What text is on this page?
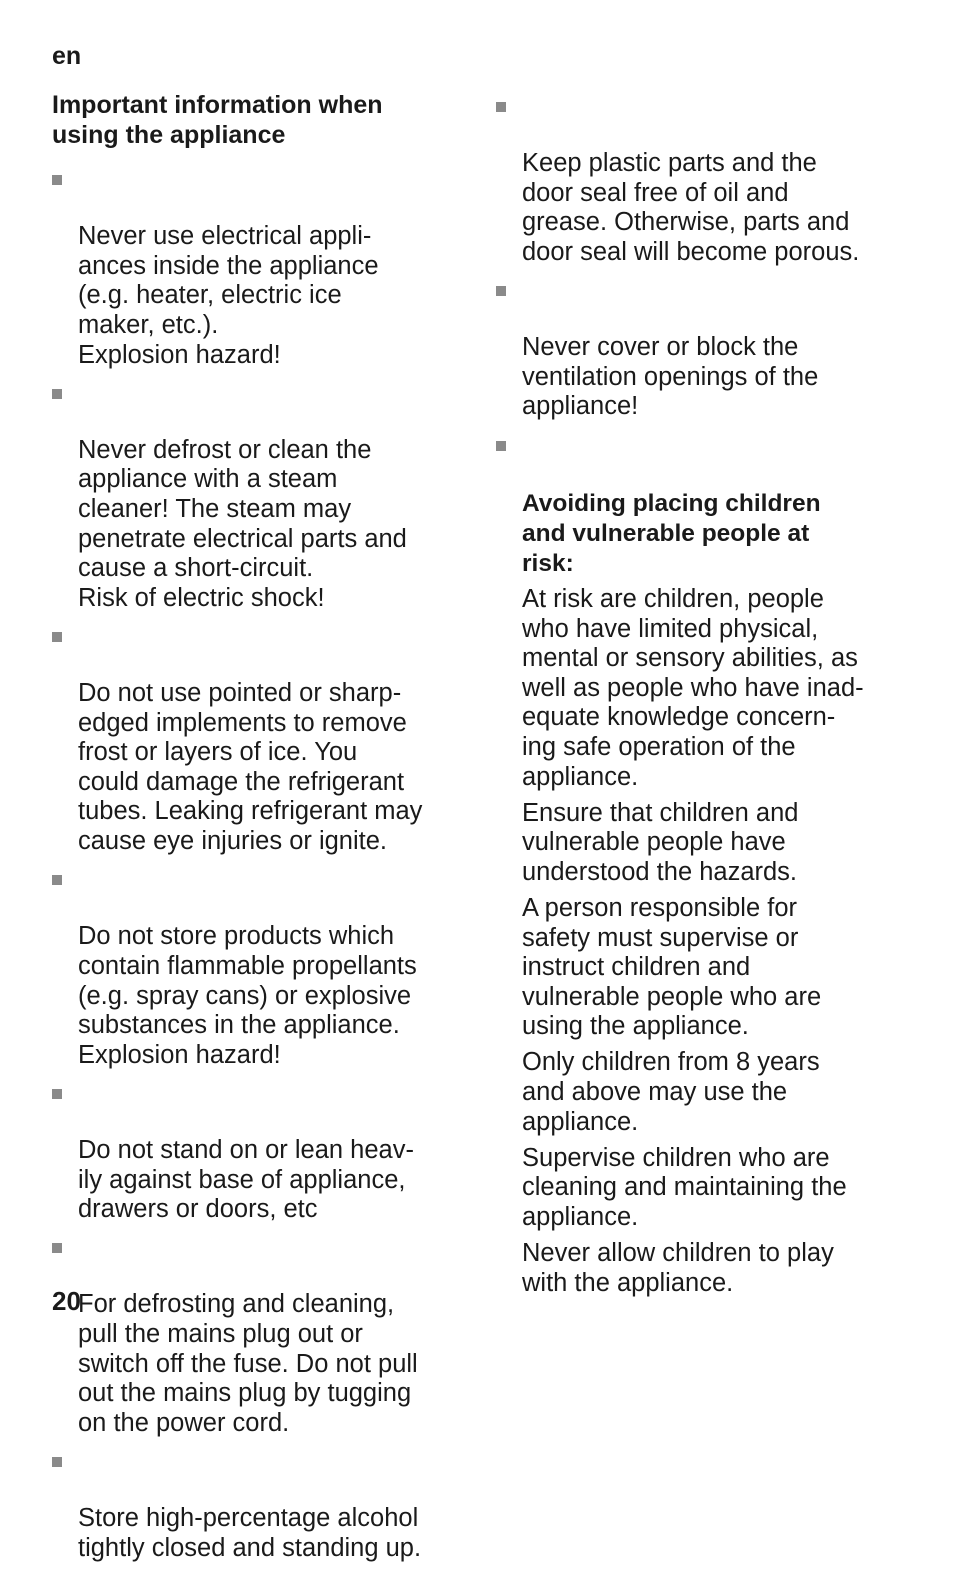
en
Important information when
using the appliance

Never use electrical appli-
ances inside the appliance
(e.g. heater, electric ice
maker, etc.).
Explosion hazard!

Never defrost or clean the
appliance with a steam
cleaner! The steam may
penetrate electrical parts and
cause a short-circuit.
Risk of electric shock!

Do not use pointed or sharp-
edged implements to remove
frost or layers of ice. You
could damage the refrigerant
tubes. Leaking refrigerant may
cause eye injuries or ignite.

Do not store products which
contain flammable propellants
(e.g. spray cans) or explosive
substances in the appliance.
Explosion hazard!

Do not stand on or lean heav-
ily against base of appliance,
drawers or doors, etc

For defrosting and cleaning,
pull the mains plug out or
switch off the fuse. Do not pull
out the mains plug by tugging
on the power cord.

Store high-percentage alcohol
tightly closed and standing up.

Keep plastic parts and the
door seal free of oil and
grease. Otherwise, parts and
door seal will become porous.

Never cover or block the
ventilation openings of the
appliance!

Avoiding placing children
and vulnerable people at
risk:

At risk are children, people
who have limited physical,
mental or sensory abilities, as
well as people who have inad-
equate knowledge concern-
ing safe operation of the
appliance.
Ensure that children and
vulnerable people have
understood the hazards.
A person responsible for
safety must supervise or
instruct children and
vulnerable people who are
using the appliance.
Only children from 8 years
and above may use the
appliance.
Supervise children who are
cleaning and maintaining the
appliance.
Never allow children to play
with the appliance.
20
